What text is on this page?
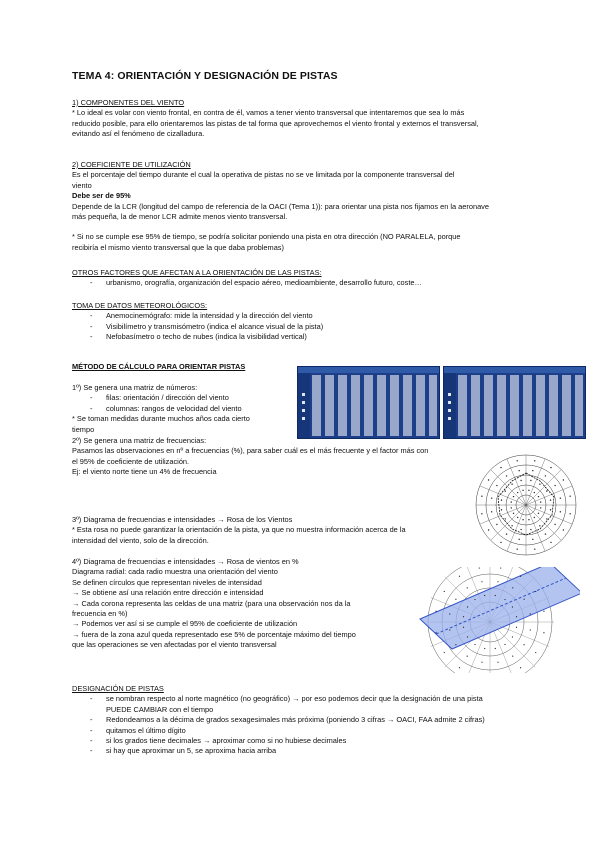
TEMA 4: ORIENTACIÓN Y DESIGNACIÓN DE PISTAS
1) COMPONENTES DEL VIENTO
* Lo ideal es volar con viento frontal, en contra de él, vamos a tener viento transversal que intentaremos que sea lo más
reducido posible, para ello orientaremos las pistas de tal forma que aprovechemos el viento frontal y externos el transversal,
evitando así el fenómeno de cizalladura.
2) COEFICIENTE DE UTILIZACIÓN
Es el porcentaje del tiempo durante el cual la operativa de pistas no se ve limitada por la componente transversal del
viento
Debe ser de 95%
Depende de la LCR (longitud del campo de referencia de la OACI (Tema 1)): para orientar una pista nos fijamos en la aeronave
más pequeña, la de menor LCR admite menos viento transversal.
* Si no se cumple ese 95% de tiempo, se podría solicitar poniendo una pista en otra dirección (NO PARALELA, porque
recibiría el mismo viento transversal que la que daba problemas)
OTROS FACTORES QUE AFECTAN A LA ORIENTACIÓN DE LAS PISTAS:
- urbanismo, orografía, organización del espacio aéreo, medioambiente, desarrollo futuro, coste…
TOMA DE DATOS METEOROLÓGICOS:
- Anemocinemógrafo: mide la intensidad y la dirección del viento
- Visibilímetro y transmisómetro (indica el alcance visual de la pista)
- Nefobasímetro o techo de nubes (indica la visibilidad vertical)
MÉTODO DE CÁLCULO PARA ORIENTAR PISTAS
1º) Se genera una matriz de números:
- filas: orientación / dirección del viento
- columnas: rangos de velocidad del viento
* Se toman medidas durante muchos años cada cierto
tiempo
2º) Se genera una matriz de frecuencias:
Pasamos las observaciones en nº a frecuencias (%), para saber cuál es el más frecuente y el factor más con
el 95% de coeficiente de utilización.
Ej: el viento norte tiene un 4% de frecuencia
3º) Diagrama de frecuencias e intensidades → Rosa de los Vientos
* Esta rosa no puede garantizar la orientación de la pista, ya que no muestra información acerca de la
intensidad del viento, solo de la dirección.
4º) Diagrama de frecuencias e intensidades → Rosa de vientos en %
Diagrama radial: cada radio muestra una orientación del viento
Se definen círculos que representan niveles de intensidad
→ Se obtiene así una relación entre dirección e intensidad
→ Cada corona representa las celdas de una matriz (para una observación nos da la
frecuencia en %)
→ Podemos ver así si se cumple el 95% de coeficiente de utilización
→ fuera de la zona azul queda representado ese 5% de porcentaje máximo del tiempo
que las operaciones se ven afectadas por el viento transversal
DESIGNACIÓN DE PISTAS
- se nombran respecto al norte magnético (no geográfico) → por eso podemos decir que la designación de una pista PUEDE CAMBIAR con el tiempo
- Redondeamos a la décima de grados sexagesimales más próxima (poniendo 3 cifras → OACI, FAA admite 2 cifras)
- quitamos el último dígito
- si los grados tiene decimales → aproximar como si no hubiese decimales
- si hay que aproximar un 5, se aproxima hacia arriba
